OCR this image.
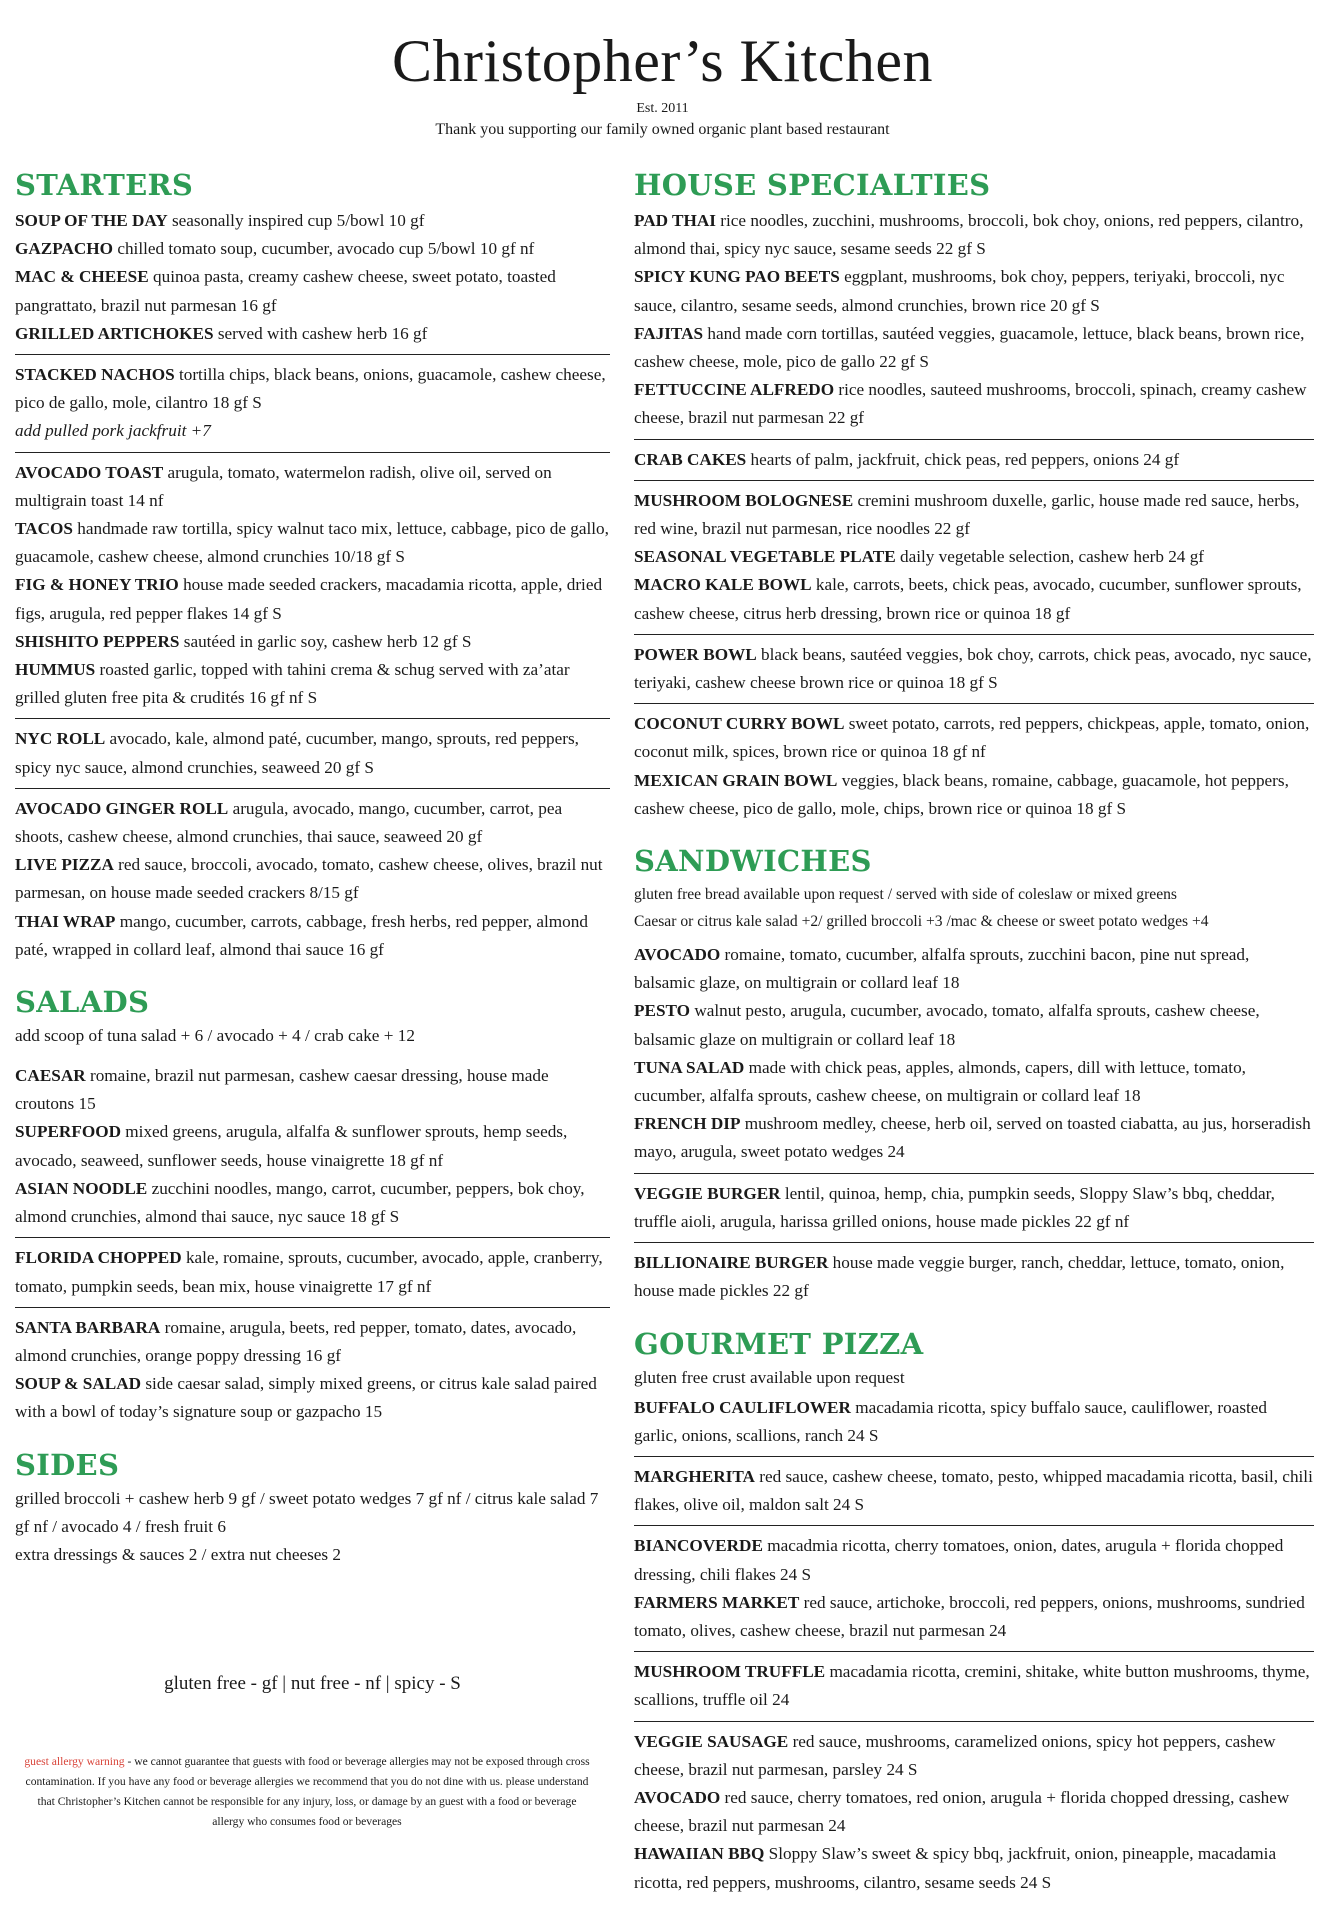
Christopher’s Kitchen
Est. 2011
Thank you supporting our family owned organic plant based restaurant
STARTERS

SOUP OF THE DAY seasonally inspired cup 5/bowl 10 gf

GAZPACHO chilled tomato soup, cucumber, avocado cup 5/bowl 10 gf nf

MAC & CHEESE quinoa pasta, creamy cashew cheese, sweet potato, toasted pangrattato, brazil nut parmesan 16 gf

GRILLED ARTICHOKES served with cashew herb 16 gf

STACKED NACHOS tortilla chips, black beans, onions, guacamole, cashew cheese, pico de gallo, mole, cilantro 18 gf S

add pulled pork jackfruit +7

AVOCADO TOAST arugula, tomato, watermelon radish, olive oil, served on multigrain toast 14 nf

TACOS handmade raw tortilla, spicy walnut taco mix, lettuce, cabbage, pico de gallo, guacamole, cashew cheese, almond crunchies 10/18 gf S

FIG & HONEY TRIO house made seeded crackers, macadamia ricotta, apple, dried figs, arugula, red pepper flakes 14 gf S

SHISHITO PEPPERS sautéed in garlic soy, cashew herb 12 gf S

HUMMUS roasted garlic, topped with tahini crema & schug served with za’atar grilled gluten free pita & crudités 16 gf nf S

NYC ROLL avocado, kale, almond paté, cucumber, mango, sprouts, red peppers, spicy nyc sauce, almond crunchies, seaweed 20 gf S

AVOCADO GINGER ROLL arugula, avocado, mango, cucumber, carrot, pea shoots, cashew cheese, almond crunchies, thai sauce, seaweed 20 gf

LIVE PIZZA red sauce, broccoli, avocado, tomato, cashew cheese, olives, brazil nut parmesan, on house made seeded crackers 8/15 gf

THAI WRAP mango, cucumber, carrots, cabbage, fresh herbs, red pepper, almond paté, wrapped in collard leaf, almond thai sauce 16 gf

SALADS
add scoop of tuna salad + 6 / avocado + 4 / crab cake + 12

CAESAR romaine, brazil nut parmesan, cashew caesar dressing, house made croutons 15

SUPERFOOD mixed greens, arugula, alfalfa & sunflower sprouts, hemp seeds, avocado, seaweed, sunflower seeds, house vinaigrette 18 gf nf

ASIAN NOODLE zucchini noodles, mango, carrot, cucumber, peppers, bok choy, almond crunchies, almond thai sauce, nyc sauce 18 gf S

FLORIDA CHOPPED kale, romaine, sprouts, cucumber, avocado, apple, cranberry, tomato, pumpkin seeds, bean mix, house vinaigrette 17 gf nf

SANTA BARBARA romaine, arugula, beets, red pepper, tomato, dates, avocado, almond crunchies, orange poppy dressing 16 gf

SOUP & SALAD side caesar salad, simply mixed greens, or citrus kale salad paired with a bowl of today’s signature soup or gazpacho 15

SIDES

grilled broccoli + cashew herb 9 gf / sweet potato wedges 7 gf nf / citrus kale salad 7 gf nf / avocado 4 / fresh fruit 6

extra dressings & sauces 2 / extra nut cheeses 2

gluten free - gf | nut free - nf | spicy - S
guest allergy warning - we cannot guarantee that guests with food or beverage allergies may not be exposed through cross contamination. If you have any food or beverage allergies we recommend that you do not dine with us. please understand that Christopher’s Kitchen cannot be responsible for any injury, loss, or damage by an guest with a food or beverage allergy who consumes food or beverages
HOUSE SPECIALTIES

PAD THAI rice noodles, zucchini, mushrooms, broccoli, bok choy, onions, red peppers, cilantro, almond thai, spicy nyc sauce, sesame seeds 22 gf S

SPICY KUNG PAO BEETS eggplant, mushrooms, bok choy, peppers, teriyaki, broccoli, nyc sauce, cilantro, sesame seeds, almond crunchies, brown rice 20 gf S

FAJITAS hand made corn tortillas, sautéed veggies, guacamole, lettuce, black beans, brown rice, cashew cheese, mole, pico de gallo 22 gf S

FETTUCCINE ALFREDO rice noodles, sauteed mushrooms, broccoli, spinach, creamy cashew cheese, brazil nut parmesan 22 gf

CRAB CAKES hearts of palm, jackfruit, chick peas, red peppers, onions 24 gf

MUSHROOM BOLOGNESE cremini mushroom duxelle, garlic, house made red sauce, herbs, red wine, brazil nut parmesan, rice noodles 22 gf

SEASONAL VEGETABLE PLATE daily vegetable selection, cashew herb 24 gf

MACRO KALE BOWL kale, carrots, beets, chick peas, avocado, cucumber, sunflower sprouts, cashew cheese, citrus herb dressing, brown rice or quinoa 18 gf

POWER BOWL black beans, sautéed veggies, bok choy, carrots, chick peas, avocado, nyc sauce, teriyaki, cashew cheese brown rice or quinoa 18 gf S

COCONUT CURRY BOWL sweet potato, carrots, red peppers, chickpeas, apple, tomato, onion, coconut milk, spices, brown rice or quinoa 18 gf nf

MEXICAN GRAIN BOWL veggies, black beans, romaine, cabbage, guacamole, hot peppers, cashew cheese, pico de gallo, mole, chips, brown rice or quinoa 18 gf S

SANDWICHES
gluten free bread available upon request / served with side of coleslaw or mixed greens
Caesar or citrus kale salad +2/ grilled broccoli +3 /mac & cheese or sweet potato wedges +4

AVOCADO romaine, tomato, cucumber, alfalfa sprouts, zucchini bacon, pine nut spread, balsamic glaze, on multigrain or collard leaf 18

PESTO walnut pesto, arugula, cucumber, avocado, tomato, alfalfa sprouts, cashew cheese, balsamic glaze on multigrain or collard leaf 18

TUNA SALAD made with chick peas, apples, almonds, capers, dill with lettuce, tomato, cucumber, alfalfa sprouts, cashew cheese, on multigrain or collard leaf 18

FRENCH DIP mushroom medley, cheese, herb oil, served on toasted ciabatta, au jus, horseradish mayo, arugula, sweet potato wedges 24

VEGGIE BURGER lentil, quinoa, hemp, chia, pumpkin seeds, Sloppy Slaw’s bbq, cheddar, truffle aioli, arugula, harissa grilled onions, house made pickles 22 gf nf

BILLIONAIRE BURGER house made veggie burger, ranch, cheddar, lettuce, tomato, onion, house made pickles 22 gf

GOURMET PIZZA
gluten free crust available upon request

BUFFALO CAULIFLOWER macadamia ricotta, spicy buffalo sauce, cauliflower, roasted garlic, onions, scallions, ranch 24 S

MARGHERITA red sauce, cashew cheese, tomato, pesto, whipped macadamia ricotta, basil, chili flakes, olive oil, maldon salt 24 S

BIANCOVERDE macadmia ricotta, cherry tomatoes, onion, dates, arugula + florida chopped dressing, chili flakes 24 S

FARMERS MARKET red sauce, artichoke, broccoli, red peppers, onions, mushrooms, sundried tomato, olives, cashew cheese, brazil nut parmesan 24

MUSHROOM TRUFFLE macadamia ricotta, cremini, shitake, white button mushrooms, thyme, scallions, truffle oil 24

VEGGIE SAUSAGE red sauce, mushrooms, caramelized onions, spicy hot peppers, cashew cheese, brazil nut parmesan, parsley 24 S

AVOCADO red sauce, cherry tomatoes, red onion, arugula + florida chopped dressing, cashew cheese, brazil nut parmesan 24

HAWAIIAN BBQ Sloppy Slaw’s sweet & spicy bbq, jackfruit, onion, pineapple, macadamia ricotta, red peppers, mushrooms, cilantro, sesame seeds 24 S
